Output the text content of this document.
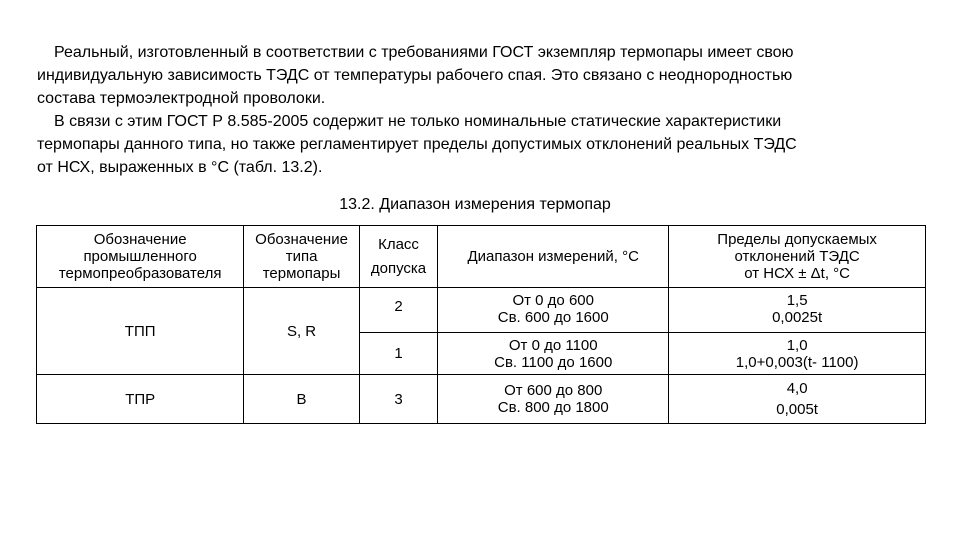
Реальный, изготовленный в соответствии с требованиями ГОСТ экземпляр термопары имеет свою

индивидуальную зависимость ТЭДС от температуры рабочего спая. Это связано с неоднородностью

состава термоэлектродной проволоки.

В связи с этим ГОСТ Р 8.585-2005 содержит не только номинальные статические характеристики

термопары данного типа, но также регламентирует пределы допустимых отклонений реальных ТЭДС

от НСХ, выраженных в °С (табл. 13.2).

13.2. Диапазон измерения термопар
Обозначение
промышленного
термопреобразователя	Обозначение
типа
термопары	Класс
допуска	Диапазон измерений, °С	Пределы допускаемых
отклонений ТЭДС
от НСХ ± Δt, °С

ТПП	S, R	2	От 0 до 600
Св. 600 до 1600	1,5
0,0025t

		1	От 0 до 1100
Св. 1100 до 1600	1,0
1,0+0,003(t- 1100)

ТПР	В	3	От 600 до 800
Св. 800 до 1800	4,0
0,005t
